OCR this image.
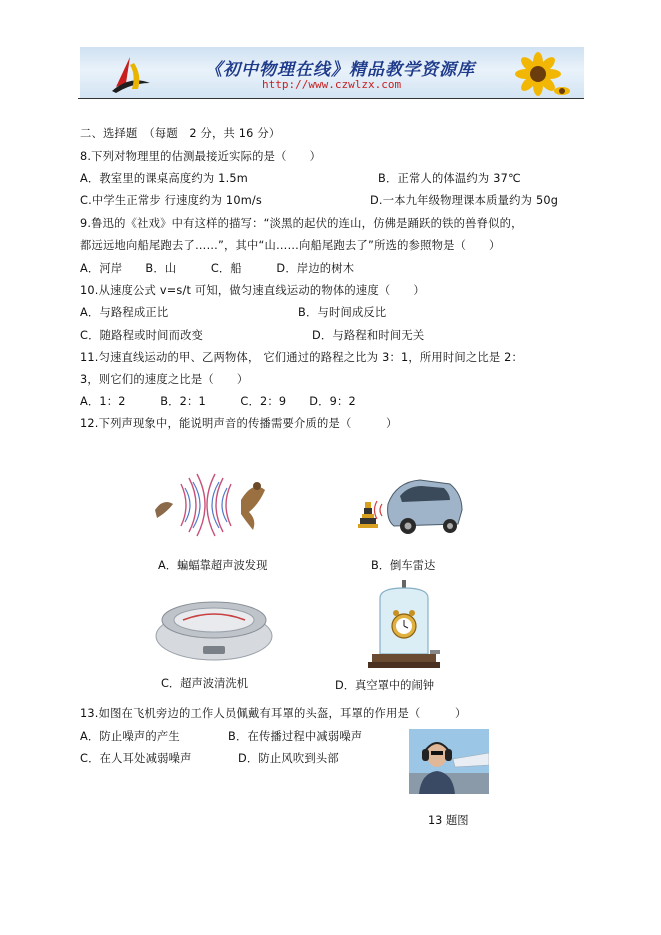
《初中物理在线》精品教学资源库
http://www.czwlzx.com
二、选择题　（每题　2 分，共 16 分）
8.下列对物理里的估测最接近实际的是（　　）
A．教室里的课桌高度约为 1.5m	B．正常人的体温约为 37℃
C.中学生正常步 行速度约为 10m/s	D.一本九年级物理课本质量约为 50g
9.鲁迅的《社戏》中有这样的描写：“淡黑的起伏的连山，仿佛是踊跃的铁的兽脊似的，
都远远地向船尾跑去了……”，其中“山……向船尾跑去了”所选的参照物是（　　）
A．河岸　　B．山　　　C．船　　　D．岸边的树木
10.从速度公式 v=s/t 可知，做匀速直线运动的物体的速度（　　）
A．与路程成正比	B．与时间成反比
C．随路程或时间而改变	D．与路程和时间无关
11.匀速直线运动的甲、乙两物体， 它们通过的路程之比为 3：1，所用时间之比是 2：
3，则它们的速度之比是（　　）
A．1：2　　　B．2：1　　　C．2：9　　D．9：2
12.下列声现象中，能说明声音的传播需要介质的是（　　　）
A．蝙蝠靠超声波发现	B．倒车雷达
C．超声波清洗机	D．真空罩中的闹钟
13.如图在飞机旁边的工作人员佩戴有耳罩的头盔，耳罩的作用是（　　　）
A．防止噪声的产生	B．在传播过程中减弱噪声
C．在人耳处减弱噪声	D．防止风吹到头部
13 题图
